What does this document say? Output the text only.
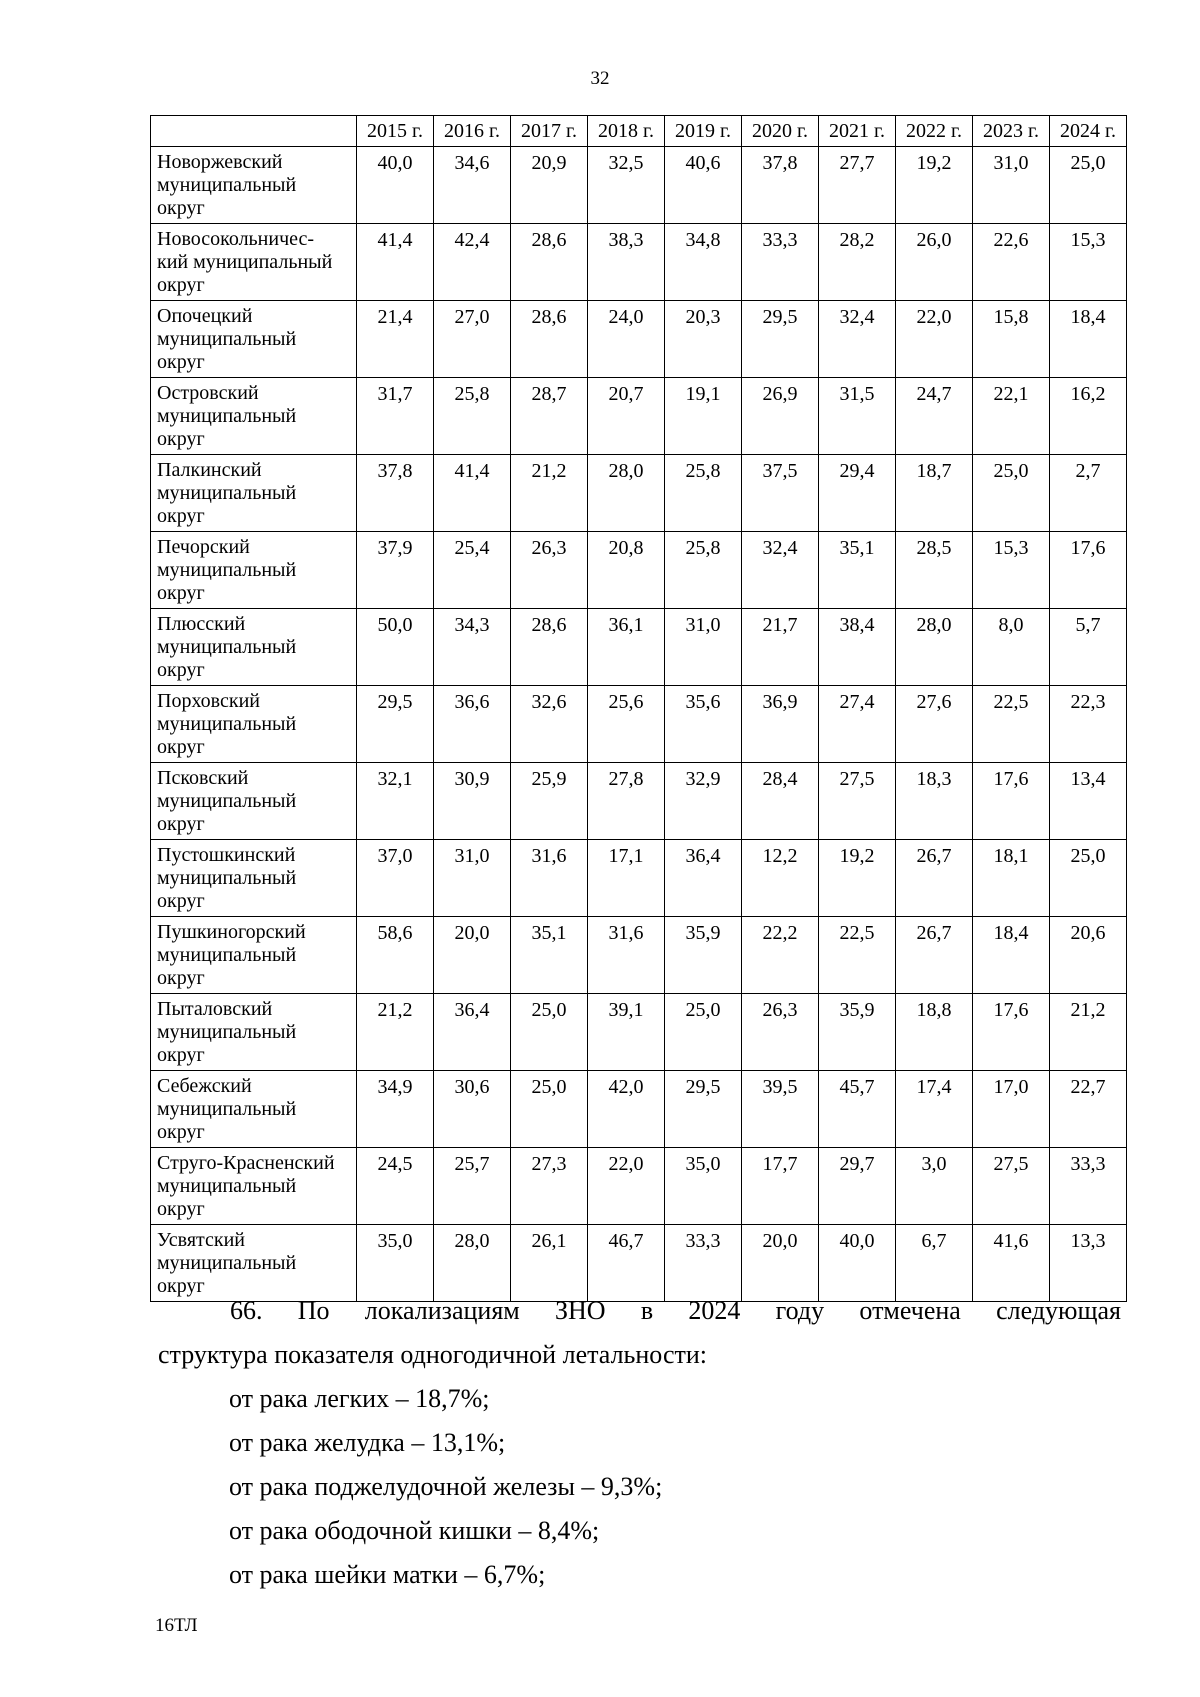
32
	2015 г.	2016 г.	2017 г.	2018 г.	2019 г.	2020 г.	2021 г.	2022 г.	2023 г.	2024 г.
Новоржевский
муниципальный
округ	40,0	34,6	20,9	32,5	40,6	37,8	27,7	19,2	31,0	25,0
Новосокольничес-
кий муниципальный
округ	41,4	42,4	28,6	38,3	34,8	33,3	28,2	26,0	22,6	15,3
Опочецкий
муниципальный
округ	21,4	27,0	28,6	24,0	20,3	29,5	32,4	22,0	15,8	18,4
Островский
муниципальный
округ	31,7	25,8	28,7	20,7	19,1	26,9	31,5	24,7	22,1	16,2
Палкинский
муниципальный
округ	37,8	41,4	21,2	28,0	25,8	37,5	29,4	18,7	25,0	2,7
Печорский
муниципальный
округ	37,9	25,4	26,3	20,8	25,8	32,4	35,1	28,5	15,3	17,6
Плюсский
муниципальный
округ	50,0	34,3	28,6	36,1	31,0	21,7	38,4	28,0	8,0	5,7
Порховский
муниципальный
округ	29,5	36,6	32,6	25,6	35,6	36,9	27,4	27,6	22,5	22,3
Псковский
муниципальный
округ	32,1	30,9	25,9	27,8	32,9	28,4	27,5	18,3	17,6	13,4
Пустошкинский
муниципальный
округ	37,0	31,0	31,6	17,1	36,4	12,2	19,2	26,7	18,1	25,0
Пушкиногорский
муниципальный
округ	58,6	20,0	35,1	31,6	35,9	22,2	22,5	26,7	18,4	20,6
Пыталовский
муниципальный
округ	21,2	36,4	25,0	39,1	25,0	26,3	35,9	18,8	17,6	21,2
Себежский
муниципальный
округ	34,9	30,6	25,0	42,0	29,5	39,5	45,7	17,4	17,0	22,7
Струго-Красненский
муниципальный
округ	24,5	25,7	27,3	22,0	35,0	17,7	29,7	3,0	27,5	33,3
Усвятский
муниципальный
округ	35,0	28,0	26,1	46,7	33,3	20,0	40,0	6,7	41,6	13,3
66. По локализациям ЗНО в 2024 году отмечена следующая
структура показателя одногодичной летальности:
от рака легких – 18,7%;
от рака желудка – 13,1%;
от рака поджелудочной железы – 9,3%;
от рака ободочной кишки – 8,4%;
от рака шейки матки – 6,7%;
16ТЛ
